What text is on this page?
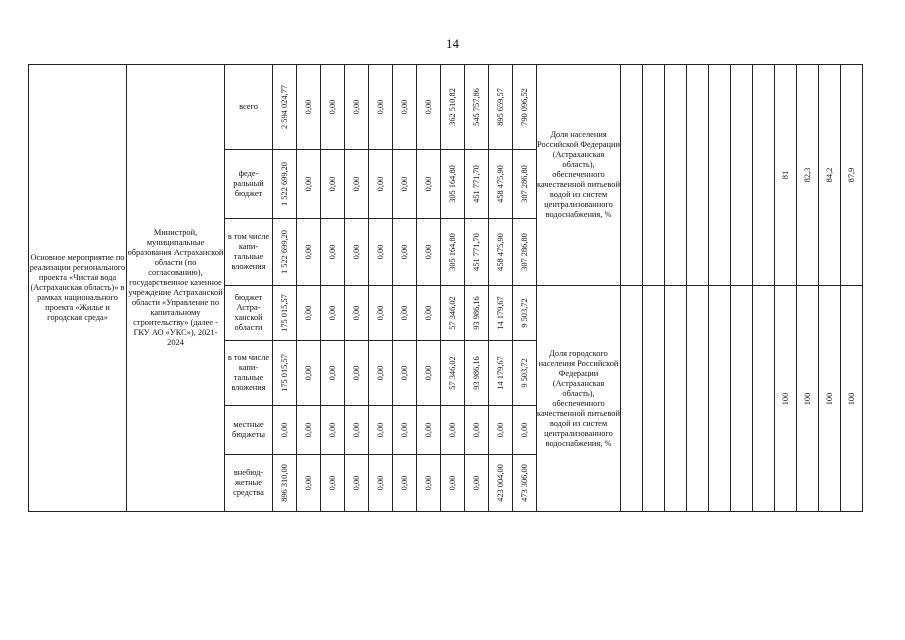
14
Основное мероприятие по реализации регионального проекта «Чистая вода (Астраханская область)» в рамках национального проекта «Жилье и городская среда»	Министрой, муниципальные образования Астраханской области (по согласованию), государственное казенное учреждение Астраханской области «Управление по капитальному строительству» (далее - ГКУ АО «УКС»), 2021-2024	всего	2 594 024,77	0,00	0,00	0,00	0,00	0,00	0,00	362 510,82	545 757,86	895 659,57	790 096,52	Доля населения Российской Федерации (Астраханская область), обеспеченного качественной питьевой водой из систем централизованного водоснабжения, %								81	82,3	84,2	87,9

		феде-ральный бюджет	1 522 699,20	0,00	0,00	0,00	0,00	0,00	0,00	305 164,80	451 771,70	458 475,90	307 286,80												

		в том числе капи-тальные вложения	1 522 699,20	0,00	0,00	0,00	0,00	0,00	0,00	305 164,80	451 771,70	458 475,90	307 286,80												

		бюджет Астра-ханской области	175 015,57	0,00	0,00	0,00	0,00	0,00	0,00	57 346,02	93 986,16	14 179,67	9 503,72	Доля городского населения Российской Федерации (Астраханская область), обеспеченного качественной питьевой водой из систем централизованного водоснабжения, %								100	100	100	100

		в том числе капи-тальные вложения	175 015,57	0,00	0,00	0,00	0,00	0,00	0,00	57 346,02	93 986,16	14 179,67	9 503,72												

		местные бюджеты	0,00	0,00	0,00	0,00	0,00	0,00	0,00	0,00	0,00	0,00	0,00												

		внебюд-жетные средства	896 310,00	0,00	0,00	0,00	0,00	0,00	0,00	0,00	0,00	423 004,00	473 306,00												
